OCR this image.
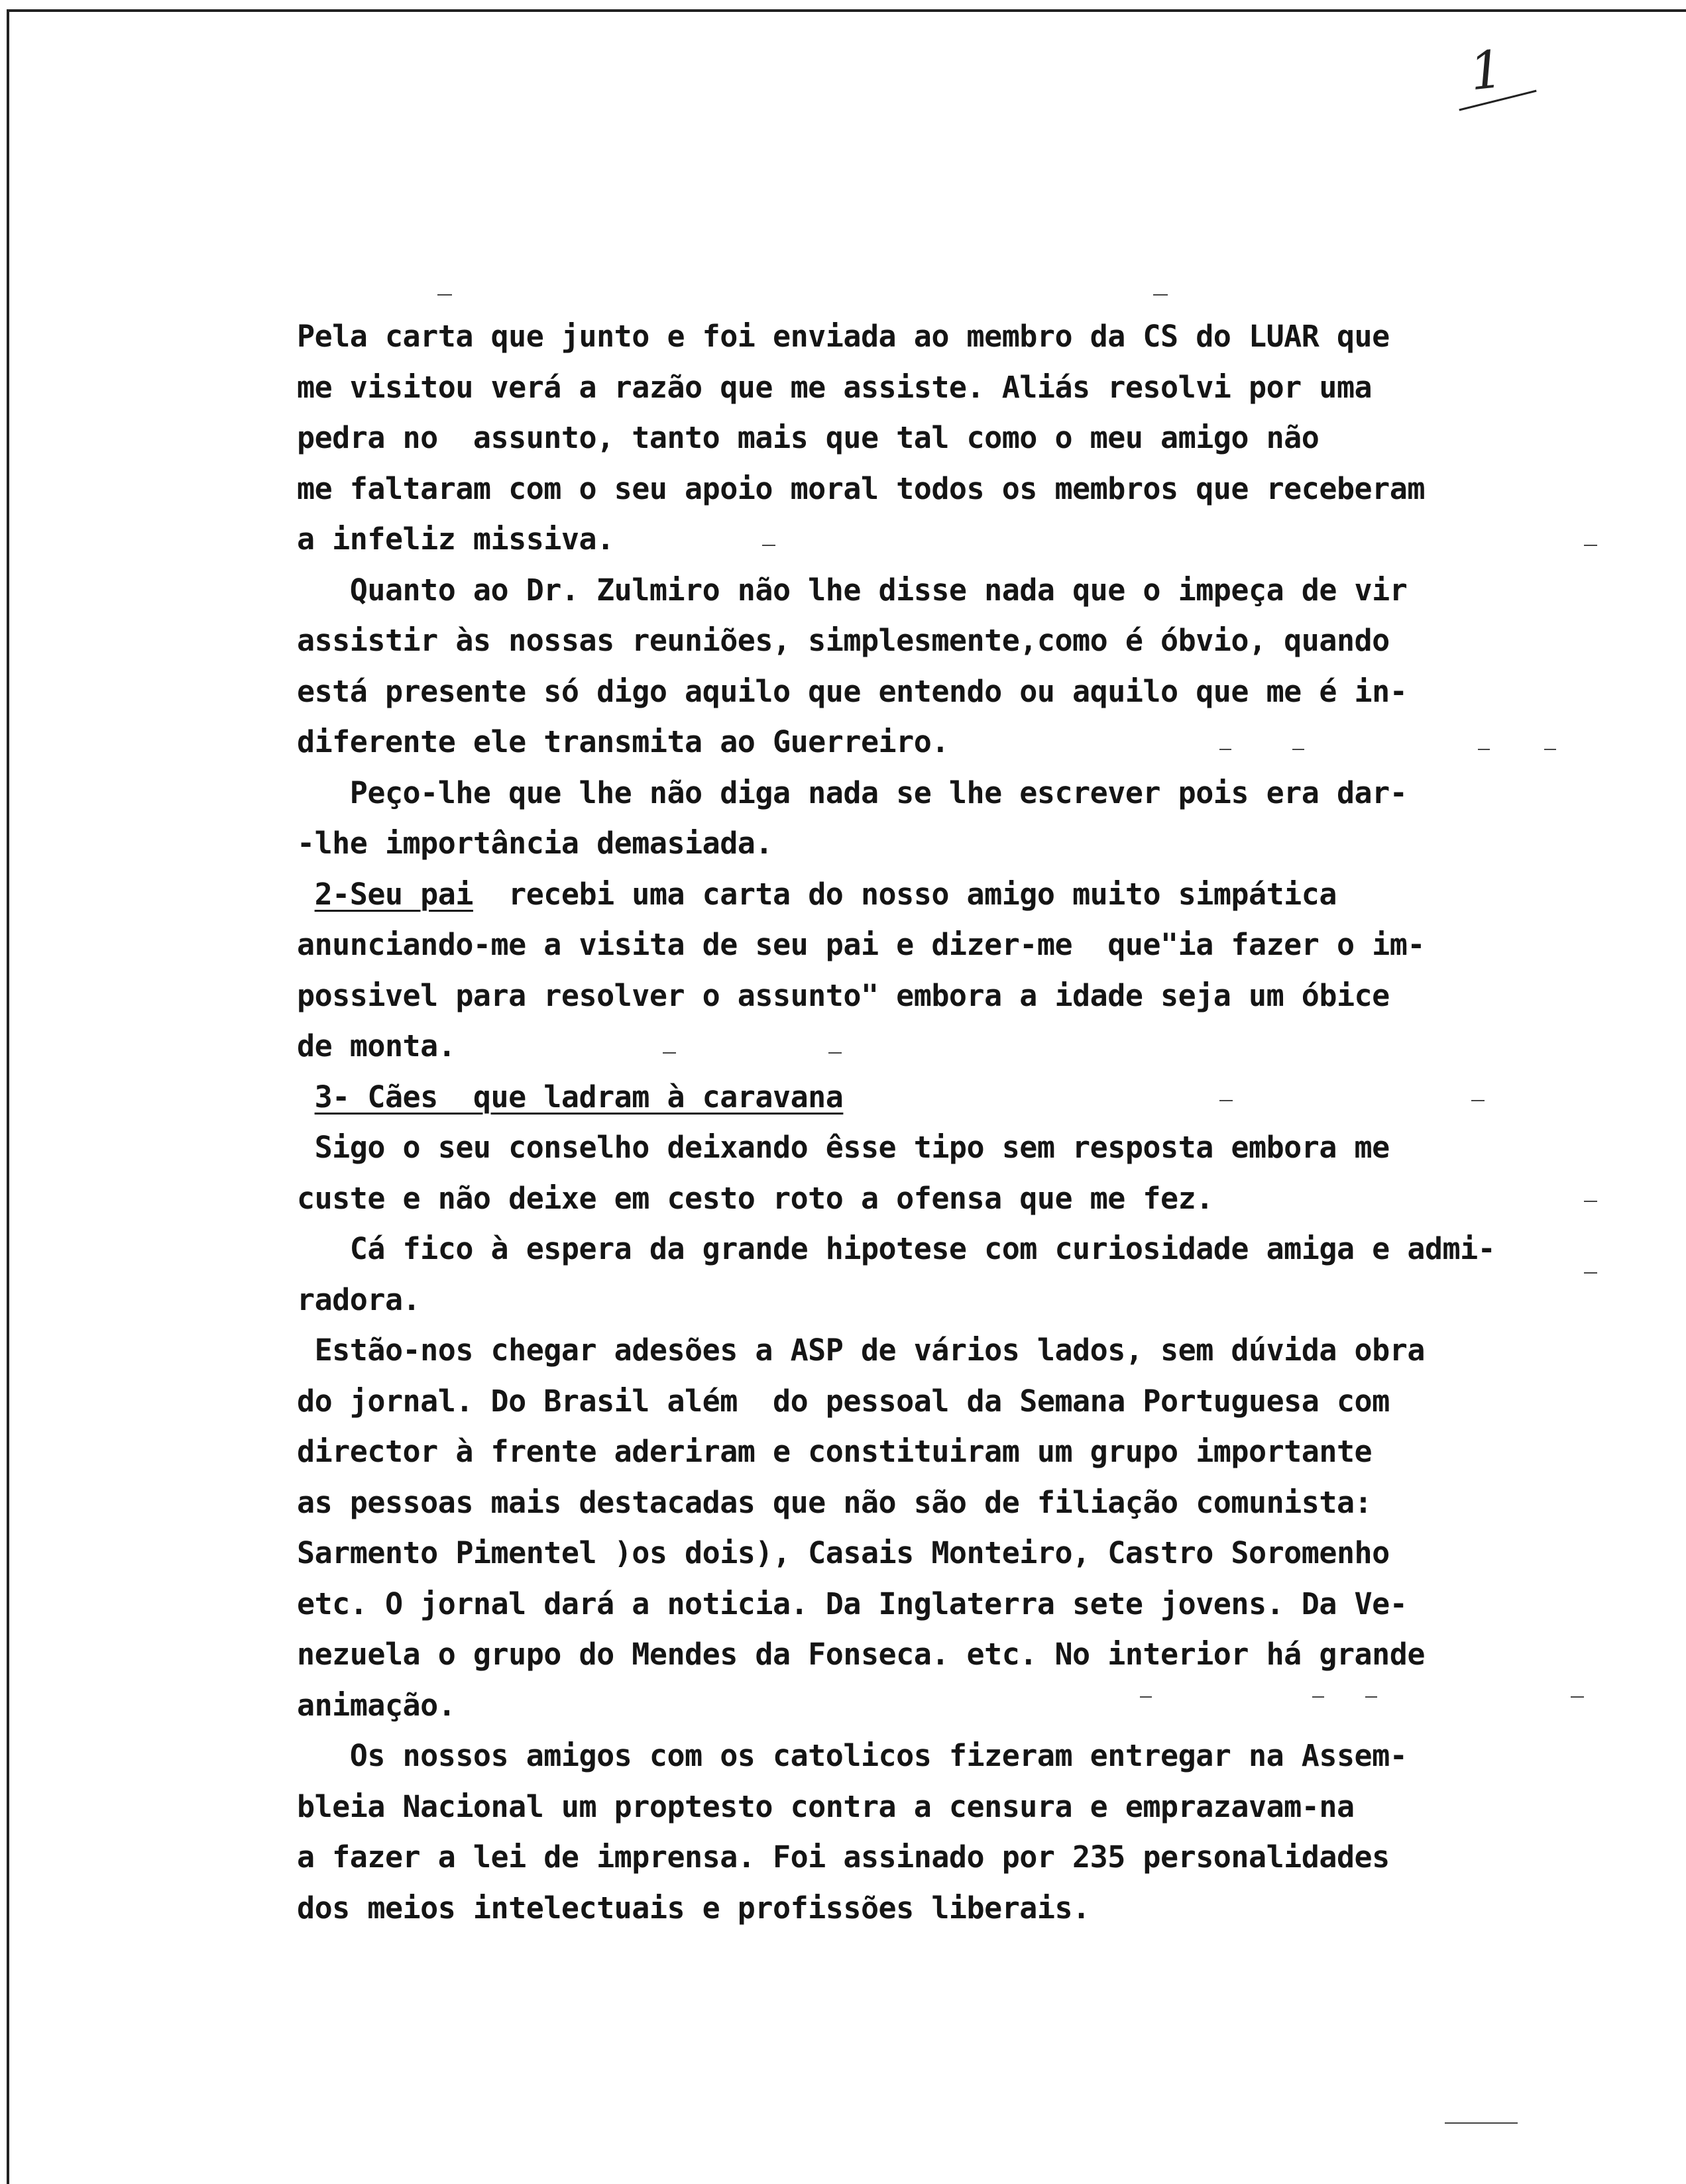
1
Pela carta que junto e foi enviada ao membro da CS do LUAR que
me visitou verá a razão que me assiste. Aliás resolvi por uma
pedra no  assunto, tanto mais que tal como o meu amigo não
me faltaram com o seu apoio moral todos os membros que receberam
a infeliz missiva.
Quanto ao Dr. Zulmiro não lhe disse nada que o impeça de vir
assistir às nossas reuniões, simplesmente,como é óbvio, quando
está presente só digo aquilo que entendo ou aquilo que me é in-
diferente ele transmita ao Guerreiro.
Peço-lhe que lhe não diga nada se lhe escrever pois era dar-
-lhe importância demasiada.
2-Seu pai  recebi uma carta do nosso amigo muito simpática
anunciando-me a visita de seu pai e dizer-me  que"ia fazer o im-
possivel para resolver o assunto" embora a idade seja um óbice
de monta.
3- Cães  que ladram à caravana
Sigo o seu conselho deixando êsse tipo sem resposta embora me
custe e não deixe em cesto roto a ofensa que me fez.
Cá fico à espera da grande hipotese com curiosidade amiga e admi-
radora.
Estão-nos chegar adesões a ASP de vários lados, sem dúvida obra
do jornal. Do Brasil além  do pessoal da Semana Portuguesa com
director à frente aderiram e constituiram um grupo importante
as pessoas mais destacadas que não são de filiação comunista:
Sarmento Pimentel )os dois), Casais Monteiro, Castro Soromenho
etc. O jornal dará a noticia. Da Inglaterra sete jovens. Da Ve-
nezuela o grupo do Mendes da Fonseca. etc. No interior há grande
animação.
Os nossos amigos com os catolicos fizeram entregar na Assem-
bleia Nacional um proptesto contra a censura e emprazavam-na
a fazer a lei de imprensa. Foi assinado por 235 personalidades
dos meios intelectuais e profissões liberais.
